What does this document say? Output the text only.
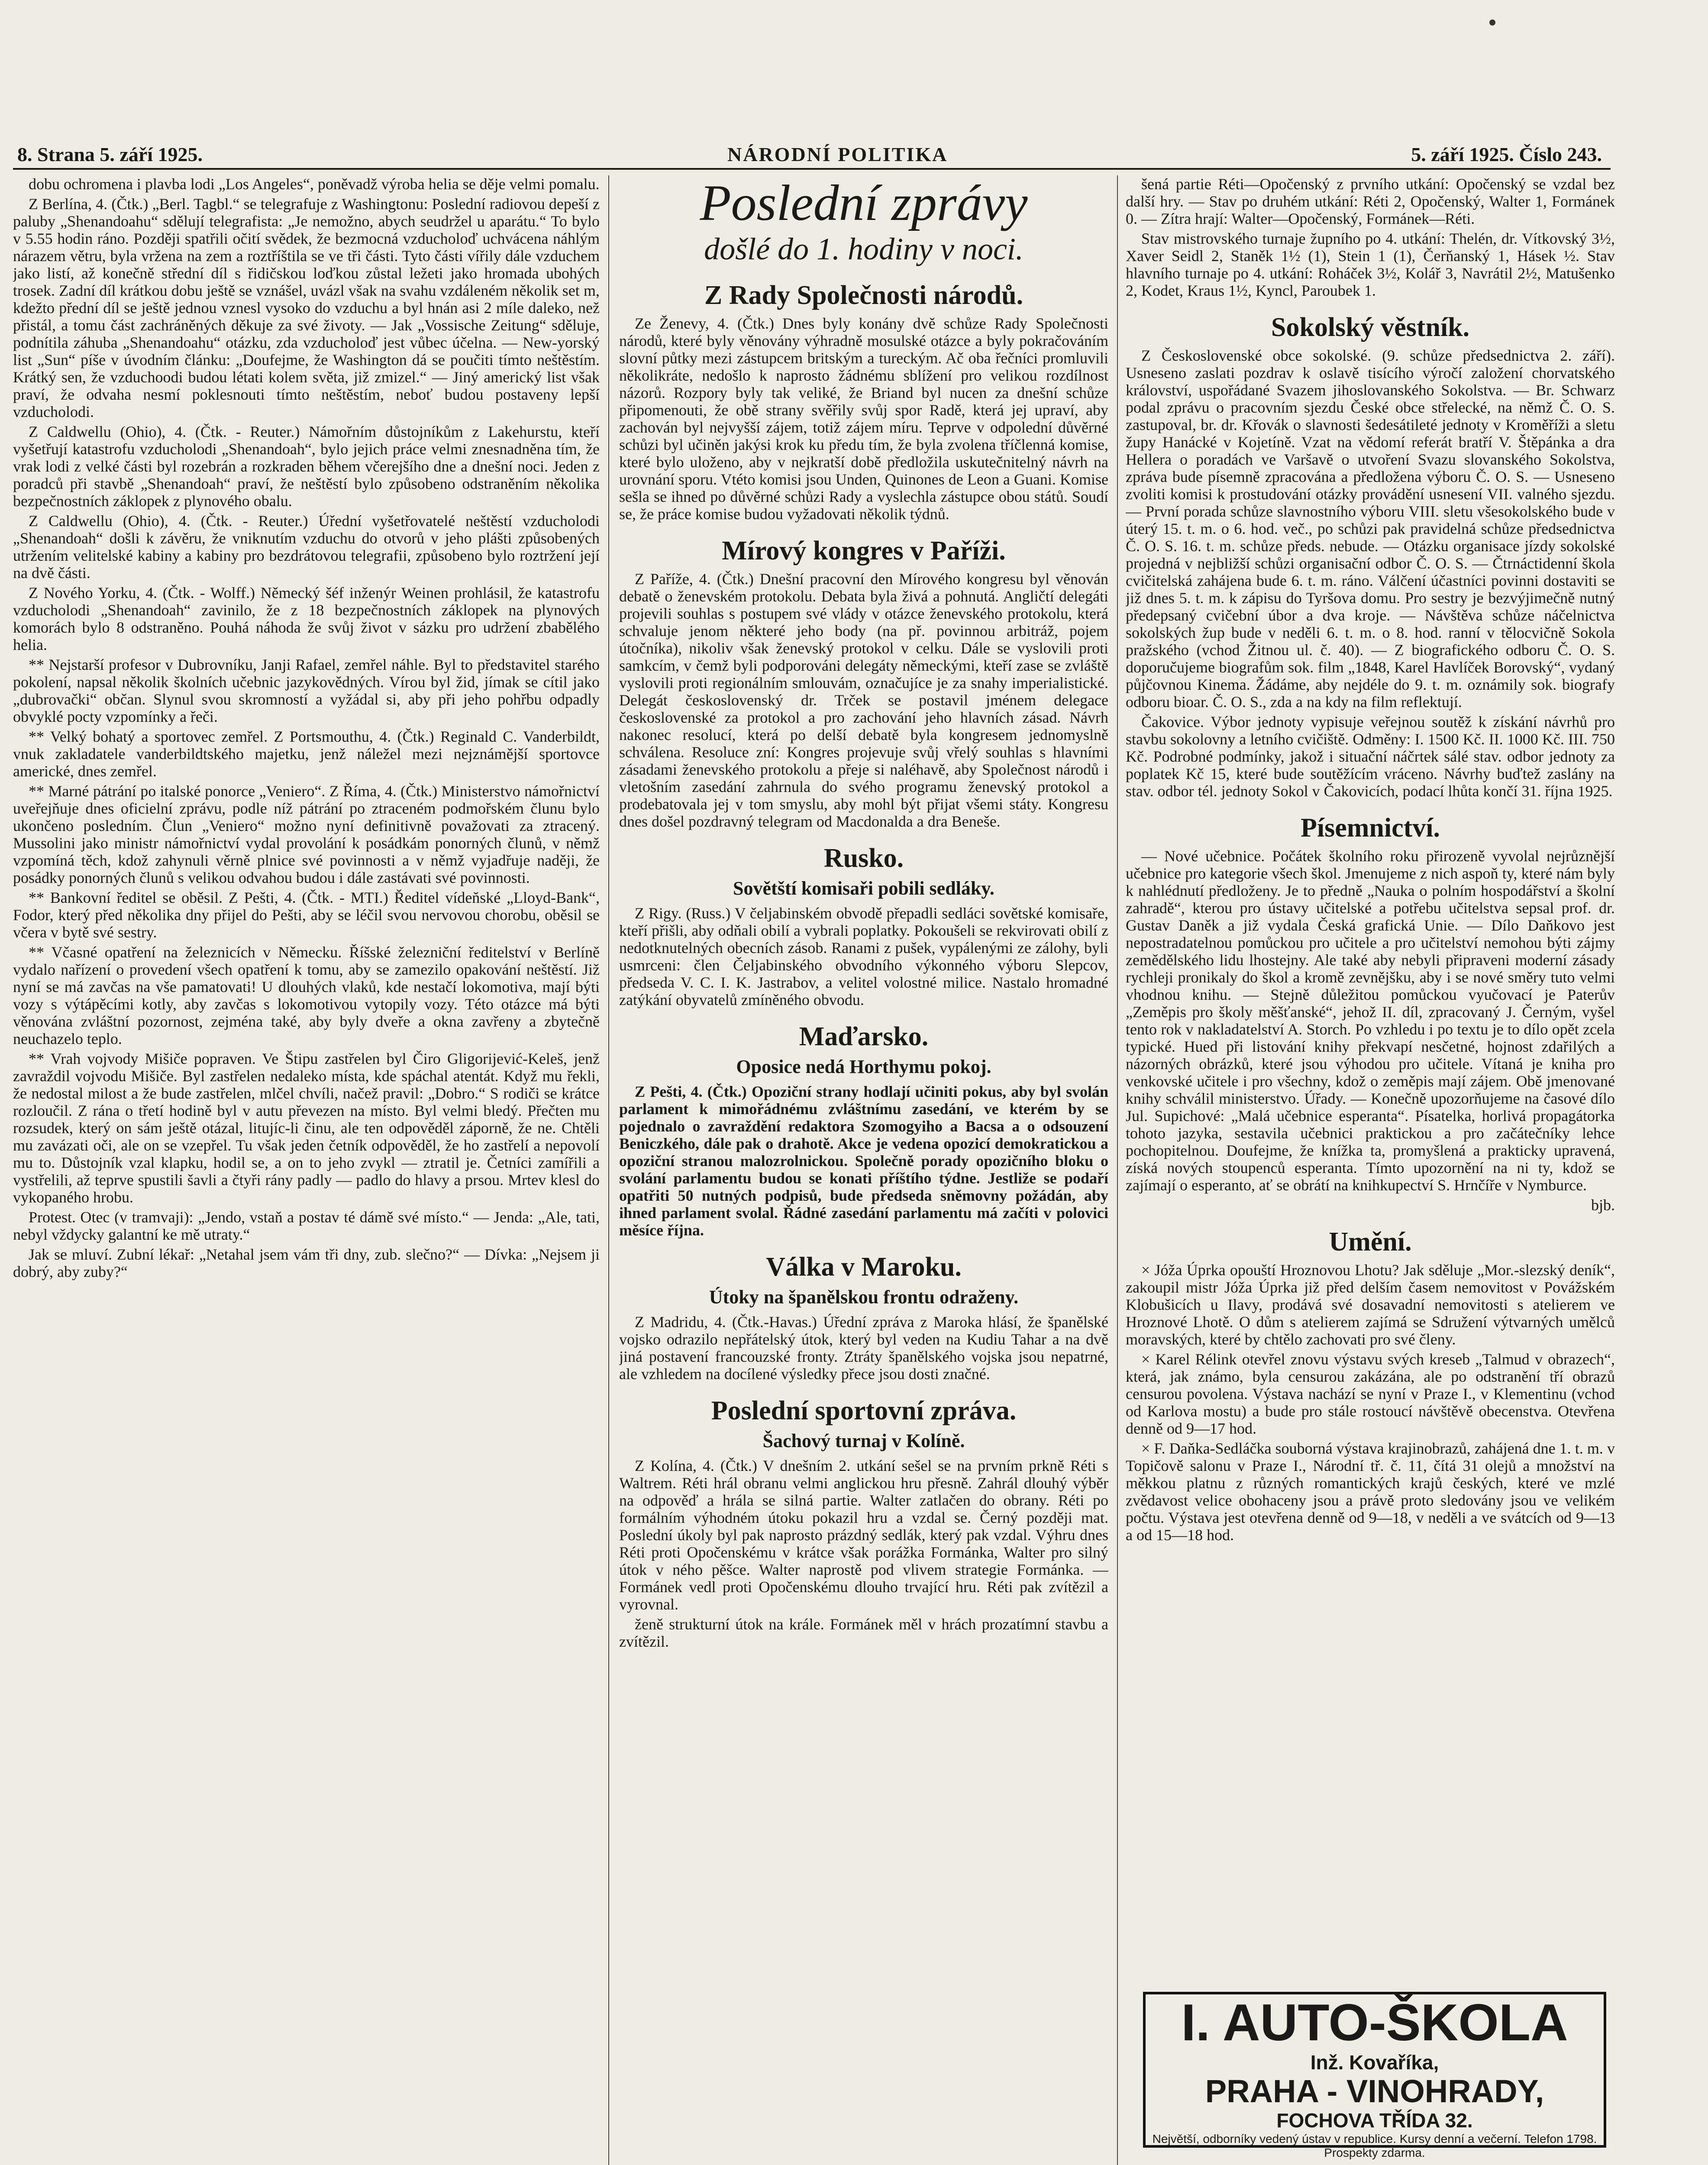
8. Strana 5. září 1925.	NÁRODNÍ POLITIKA	5. září 1925. Číslo 243.

dobu ochromena i plavba lodi „Los Angeles“, poněvadž výroba helia se děje velmi pomalu.

Z Berlína, 4. (Čtk.) „Berl. Tagbl.“ se telegrafuje z Washingtonu: Poslední radiovou depeší z paluby „Shenandoahu“ sdělují telegrafista: „Je nemožno, abych seudržel u aparátu.“ To bylo v 5.55 hodin ráno. Později spatřili očití svědek, že bezmocná vzducholoď uchvácena náhlým nárazem větru, byla vržena na zem a roztříštila se ve tři části. Tyto části vířily dále vzduchem jako listí, až konečně střední díl s řidičskou loďkou zůstal ležeti jako hromada ubohých trosek. Zadní díl krátkou dobu ještě se vznášel, uvázl však na svahu vzdáleném několik set m, kdežto přední díl se ještě jednou vznesl vysoko do vzduchu a byl hnán asi 2 míle daleko, než přistál, a tomu část zachráněných děkuje za své životy. — Jak „Vossische Zeitung“ sděluje, podnítila záhuba „Shenandoahu“ otázku, zda vzducholoď jest vůbec účelna. — New-yorský list „Sun“ píše v úvodním článku: „Doufejme, že Washington dá se poučiti tímto neštěstím. Krátký sen, že vzduchoodi budou létati kolem světa, již zmizel.“ — Jiný americký list však praví, že odvaha nesmí poklesnouti tímto neštěstím, neboť budou postaveny lepší vzducholodi.

Z Caldwellu (Ohio), 4. (Čtk. - Reuter.) Námořním důstojníkům z Lakehurstu, kteří vyšetřují katastrofu vzducholodi „Shenandoah“, bylo jejich práce velmi znesnadněna tím, že vrak lodi z velké části byl rozebrán a rozkraden během včerejšího dne a dnešní noci. Jeden z poradců při stavbě „Shenandoah“ praví, že neštěstí bylo způsobeno odstraněním několika bezpečnostních záklopek z plynového obalu.

Z Caldwellu (Ohio), 4. (Čtk. - Reuter.) Úřední vyšetřovatelé neštěstí vzducholodi „Shenandoah“ došli k závěru, že vniknutím vzduchu do otvorů v jeho plášti způsobených utržením velitelské kabiny a kabiny pro bezdrátovou telegrafii, způsobeno bylo roztržení její na dvě části.

Z Nového Yorku, 4. (Čtk. - Wolff.) Německý šéf inženýr Weinen prohlásil, že katastrofu vzducholodi „Shenandoah“ zavinilo, že z 18 bezpečnostních záklopek na plynových komorách bylo 8 odstraněno. Pouhá náhoda že svůj život v sázku pro udržení zbabělého helia.

** Nejstarší profesor v Dubrovníku, Janji Rafael, zemřel náhle. Byl to představitel starého pokolení, napsal několik školních učebnic jazykovědných. Vírou byl žid, jímak se cítil jako „dubrovački“ občan. Slynul svou skromností a vyžádal si, aby při jeho pohřbu odpadly obvyklé pocty vzpomínky a řeči.

** Velký bohatý a sportovec zemřel. Z Portsmouthu, 4. (Čtk.) Reginald C. Vanderbildt, vnuk zakladatele vanderbildtského majetku, jenž náležel mezi nejznámější sportovce americké, dnes zemřel.

** Marné pátrání po italské ponorce „Veniero“. Z Říma, 4. (Čtk.) Ministerstvo námořnictví uveřejňuje dnes oficielní zprávu, podle níž pátrání po ztraceném podmořském člunu bylo ukončeno posledním. Člun „Veniero“ možno nyní definitivně považovati za ztracený. Mussolini jako ministr námořnictví vydal provolání k posádkám ponorných člunů, v němž vzpomíná těch, kdož zahynuli věrně plnice své povinnosti a v němž vyjadřuje naději, že posádky ponorných člunů s velikou odvahou budou i dále zastávati své povinnosti.

** Bankovní ředitel se oběsil. Z Pešti, 4. (Čtk. - MTI.) Ředitel vídeňské „Lloyd-Bank“, Fodor, který před několika dny přijel do Pešti, aby se léčil svou nervovou chorobu, oběsil se včera v bytě své sestry.

** Včasné opatření na železnicích v Německu. Říšské železniční ředitelství v Berlíně vydalo nařízení o provedení všech opatření k tomu, aby se zamezilo opakování neštěstí. Již nyní se má zavčas na vše pamatovati! U dlouhých vlaků, kde nestačí lokomotiva, mají býti vozy s výtápěcími kotly, aby zavčas s lokomotivou vytopily vozy. Této otázce má býti věnována zvláštní pozornost, zejména také, aby byly dveře a okna zavřeny a zbytečně neuchazelo teplo.

** Vrah vojvody Mišiče popraven. Ve Štipu zastřelen byl Čiro Gligorijević-Keleš, jenž zavraždil vojvodu Mišiče. Byl zastřelen nedaleko místa, kde spáchal atentát. Když mu řekli, že nedostal milost a že bude zastřelen, mlčel chvíli, načež pravil: „Dobro.“ S rodiči se krátce rozloučil. Z rána o třetí hodině byl v autu převezen na místo. Byl velmi bledý. Přečten mu rozsudek, který on sám ještě otázal, litujíc-li činu, ale ten odpověděl záporně, že ne. Chtěli mu zavázati oči, ale on se vzepřel. Tu však jeden četník odpověděl, že ho zastřelí a nepovolí mu to. Důstojník vzal klapku, hodil se, a on to jeho zvykl — ztratil je. Četníci zamířili a vystřelili, až teprve spustili šavli a čtyři rány padly — padlo do hlavy a prsou. Mrtev klesl do vykopaného hrobu.

Protest. Otec (v tramvaji): „Jendo, vstaň a postav té dámě své místo.“ — Jenda: „Ale, tati, nebyl vždycky galantní ke mě utraty.“

Jak se mluví. Zubní lékař: „Netahal jsem vám tři dny, zub. slečno?“ — Dívka: „Nejsem ji dobrý, aby zuby?“

Poslední zprávy
došlé do 1. hodiny v noci.
Z Rady Společnosti národů.

Ze Ženevy, 4. (Čtk.) Dnes byly konány dvě schůze Rady Společnosti národů, které byly věnovány výhradně mosulské otázce a byly pokračováním slovní půtky mezi zástupcem britským a tureckým. Ač oba řečníci promluvili několikráte, nedošlo k naprosto žádnému sblížení pro velikou rozdílnost názorů. Rozpory byly tak veliké, že Briand byl nucen za dnešní schůze připomenouti, že obě strany svěřily svůj spor Radě, která jej upraví, aby zachován byl nejvyšší zájem, totiž zájem míru. Teprve v odpolední důvěrné schůzi byl učiněn jakýsi krok ku předu tím, že byla zvolena tříčlenná komise, které bylo uloženo, aby v nejkratší době předložila uskutečnitelný návrh na urovnání sporu. Vtéto komisi jsou Unden, Quinones de Leon a Guani. Komise sešla se ihned po důvěrné schůzi Rady a vyslechla zástupce obou států. Soudí se, že práce komise budou vyžadovati několik týdnů.

Mírový kongres v Paříži.

Z Paříže, 4. (Čtk.) Dnešní pracovní den Mírového kongresu byl věnován debatě o ženevském protokolu. Debata byla živá a pohnutá. Angličtí delegáti projevili souhlas s postupem své vlády v otázce ženevského protokolu, která schvaluje jenom některé jeho body (na př. povinnou arbitráž, pojem útočníka), nikoliv však ženevský protokol v celku. Dále se vyslovili proti samkcím, v čemž byli podporováni delegáty německými, kteří zase se zvláště vyslovili proti regionálním smlouvám, označujíce je za snahy imperialistické. Delegát československý dr. Trček se postavil jménem delegace československé za protokol a pro zachování jeho hlavních zásad. Návrh nakonec resolucí, která po delší debatě byla kongresem jednomyslně schválena. Resoluce zní: Kongres projevuje svůj vřelý souhlas s hlavními zásadami ženevského protokolu a přeje si naléhavě, aby Společnost národů i vletošním zasedání zahrnula do svého programu ženevský protokol a prodebatovala jej v tom smyslu, aby mohl být přijat všemi státy. Kongresu dnes došel pozdravný telegram od Macdonalda a dra Beneše.

Rusko.
Sovětští komisaři pobili sedláky.

Z Rigy. (Russ.) V čeljabinském obvodě přepadli sedláci sovětské komisaře, kteří přišli, aby odňali obilí a vybrali poplatky. Pokoušeli se rekvirovati obilí z nedotknutelných obecních zásob. Ranami z pušek, vypálenými ze zálohy, byli usmrceni: člen Čeljabinského obvodního výkonného výboru Slepcov, předseda V. C. I. K. Jastrabov, a velitel volostné milice. Nastalo hromadné zatýkání obyvatelů zmíněného obvodu.

Maďarsko.
Oposice nedá Horthymu pokoj.

Z Pešti, 4. (Čtk.) Opoziční strany hodlají učiniti pokus, aby byl svolán parlament k mimořádnému zvláštnímu zasedání, ve kterém by se pojednalo o zavraždění redaktora Szomogyiho a Bacsa a o odsouzení Beniczkého, dále pak o drahotě. Akce je vedena opozicí demokratickou a opoziční stranou malozrolnickou. Společně porady opozičního bloku o svolání parlamentu budou se konati příštího týdne. Jestliže se podaří opatřiti 50 nutných podpisů, bude předseda sněmovny požádán, aby ihned parlament svolal. Řádné zasedání parlamentu má začíti v polovici měsíce října.

Válka v Maroku.
Útoky na španělskou frontu odraženy.

Z Madridu, 4. (Čtk.-Havas.) Úřední zpráva z Maroka hlásí, že španělské vojsko odrazilo nepřátelský útok, který byl veden na Kudiu Tahar a na dvě jiná postavení francouzské fronty. Ztráty španělského vojska jsou nepatrné, ale vzhledem na docílené výsledky přece jsou dosti značné.

Poslední sportovní zpráva.
Šachový turnaj v Kolíně.

Z Kolína, 4. (Čtk.) V dnešním 2. utkání sešel se na prvním prkně Réti s Waltrem. Réti hrál obranu velmi anglickou hru přesně. Zahrál dlouhý výběr na odpověď a hrála se silná partie. Walter zatlačen do obrany. Réti po formálním výhodném útoku pokazil hru a vzdal se. Černý později mat. Poslední úkoly byl pak naprosto prázdný sedlák, který pak vzdal. Výhru dnes Réti proti Opočenskému v krátce však porážka Formánka, Walter pro silný útok v ného pěšce. Walter naprostě pod vlivem strategie Formánka. — Formánek vedl proti Opočenskému dlouho trvající hru. Réti pak zvítězil a vyrovnal.

ženě strukturní útok na krále. Formánek měl v hrách prozatímní stavbu a zvítězil.

šená partie Réti—Opočenský z prvního utkání: Opočenský se vzdal bez další hry. — Stav po druhém utkání: Réti 2, Opočenský, Walter 1, Formánek 0. — Zítra hrají: Walter—Opočenský, Formánek—Réti.

Stav mistrovského turnaje župního po 4. utkání: Thelén, dr. Vítkovský 3½, Xaver Seidl 2, Staněk 1½ (1), Stein 1 (1), Čerňanský 1, Hásek ½. Stav hlavního turnaje po 4. utkání: Roháček 3½, Kolář 3, Navrátil 2½, Matušenko 2, Kodet, Kraus 1½, Kyncl, Paroubek 1.

Sokolský věstník.

Z Československé obce sokolské. (9. schůze předsednictva 2. září). Usneseno zaslati pozdrav k oslavě tisícího výročí založení chorvatského království, uspořádané Svazem jihoslovanského Sokolstva. — Br. Schwarz podal zprávu o pracovním sjezdu České obce střelecké, na němž Č. O. S. zastupoval, br. dr. Křovák o slavnosti šedesátileté jednoty v Kroměříži a sletu župy Hanácké v Kojetíně. Vzat na vědomí referát bratří V. Štěpánka a dra Hellera o poradách ve Varšavě o utvoření Svazu slovanského Sokolstva, zpráva bude písemně zpracována a předložena výboru Č. O. S. — Usneseno zvoliti komisi k prostudování otázky provádění usnesení VII. valného sjezdu. — První porada schůze slavnostního výboru VIII. sletu všesokolského bude v úterý 15. t. m. o 6. hod. več., po schůzi pak pravidelná schůze předsednictva Č. O. S. 16. t. m. schůze předs. nebude. — Otázku organisace jízdy sokolské projedná v nejbližší schůzi organisační odbor Č. O. S. — Čtrnáctidenní škola cvičitelská zahájena bude 6. t. m. ráno. Válčení účastníci povinni dostaviti se již dnes 5. t. m. k zápisu do Tyršova domu. Pro sestry je bezvýjimečně nutný předepsaný cvičební úbor a dva kroje. — Návštěva schůze náčelnictva sokolských žup bude v neděli 6. t. m. o 8. hod. ranní v tělocvičně Sokola pražského (vchod Žitnou ul. č. 40). — Z biografického odboru Č. O. S. doporučujeme biografům sok. film „1848, Karel Havlíček Borovský“, vydaný půjčovnou Kinema. Žádáme, aby nejdéle do 9. t. m. oznámily sok. biografy odboru bioar. Č. O. S., zda a na kdy na film reflektují.

Čakovice. Výbor jednoty vypisuje veřejnou soutěž k získání návrhů pro stavbu sokolovny a letního cvičiště. Odměny: I. 1500 Kč. II. 1000 Kč. III. 750 Kč. Podrobné podmínky, jakož i situační náčrtek sálé stav. odbor jednoty za poplatek Kč 15, které bude soutěžícím vráceno. Návrhy buďtež zaslány na stav. odbor tél. jednoty Sokol v Čakovicích, podací lhůta končí 31. října 1925.

Písemnictví.

— Nové učebnice. Počátek školního roku přirozeně vyvolal nejrůznější učebnice pro kategorie všech škol. Jmenujeme z nich aspoň ty, které nám byly k nahlédnutí předloženy. Je to předně „Nauka o polním hospodářství a školní zahradě“, kterou pro ústavy učitelské a potřebu učitelstva sepsal prof. dr. Gustav Daněk a již vydala Česká grafická Unie. — Dílo Daňkovo jest nepostradatelnou pomůckou pro učitele a pro učitelství nemohou býti zájmy zemědělského lidu lhostejny. Ale také aby nebyli připraveni moderní zásady rychleji pronikaly do škol a kromě zevnějšku, aby i se nové směry tuto velmi vhodnou knihu. — Stejně důležitou pomůckou vyučovací je Paterův „Zeměpis pro školy měšťanské“, jehož II. díl, zpracovaný J. Černým, vyšel tento rok v nakladatelství A. Storch. Po vzhledu i po textu je to dílo opět zcela typické. Hued při listování knihy překvapí nesčetné, hojnost zdařilých a názorných obrázků, které jsou výhodou pro učitele. Vítaná je kniha pro venkovské učitele i pro všechny, kdož o zeměpis mají zájem. Obě jmenované knihy schválil ministerstvo. Úřady. — Konečně upozorňujeme na časové dílo Jul. Supichové: „Malá učebnice esperanta“. Písatelka, horlivá propagátorka tohoto jazyka, sestavila učebnici praktickou a pro začátečníky lehce pochopitelnou. Doufejme, že knížka ta, promyšlená a prakticky upravená, získá nových stoupenců esperanta. Tímto upozornění na ni ty, kdož se zajímají o esperanto, ať se obrátí na knihkupectví S. Hrnčíře v Nymburce.

bjb.

Umění.

× Jóža Úprka opouští Hroznovou Lhotu? Jak sděluje „Mor.-slezský deník“, zakoupil mistr Jóža Úprka již před delším časem nemovitost v Povážském Klobušicích u Ilavy, prodává své dosavadní nemovitosti s atelierem ve Hroznové Lhotě. O dům s atelierem zajímá se Sdružení výtvarných umělců moravských, které by chtělo zachovati pro své členy.

× Karel Rélink otevřel znovu výstavu svých kreseb „Talmud v obrazech“, která, jak známo, byla censurou zakázána, ale po odstranění tří obrazů censurou povolena. Výstava nachází se nyní v Praze I., v Klementinu (vchod od Karlova mostu) a bude pro stále rostoucí návštěvě obecenstva. Otevřena denně od 9—17 hod.

× F. Daňka-Sedláčka souborná výstava krajinobrazů, zahájená dne 1. t. m. v Topičově salonu v Praze I., Národní tř. č. 11, čítá 31 olejů a množství na měkkou platnu z různých romantických krajů českých, které ve mzlé zvědavost velice obohaceny jsou a právě proto sledovány jsou ve velikém počtu. Výstava jest otevřena denně od 9—18, v neděli a ve svátcích od 9—13 a od 15—18 hod.

I. AUTO-ŠKOLA
Inž. Kovaříka,
PRAHA - VINOHRADY,
FOCHOVA TŘÍDA 32.
Největší, odborníky vedený ústav v republice. Kursy denní a večerní. Telefon 1798. Prospekty zdarma.
